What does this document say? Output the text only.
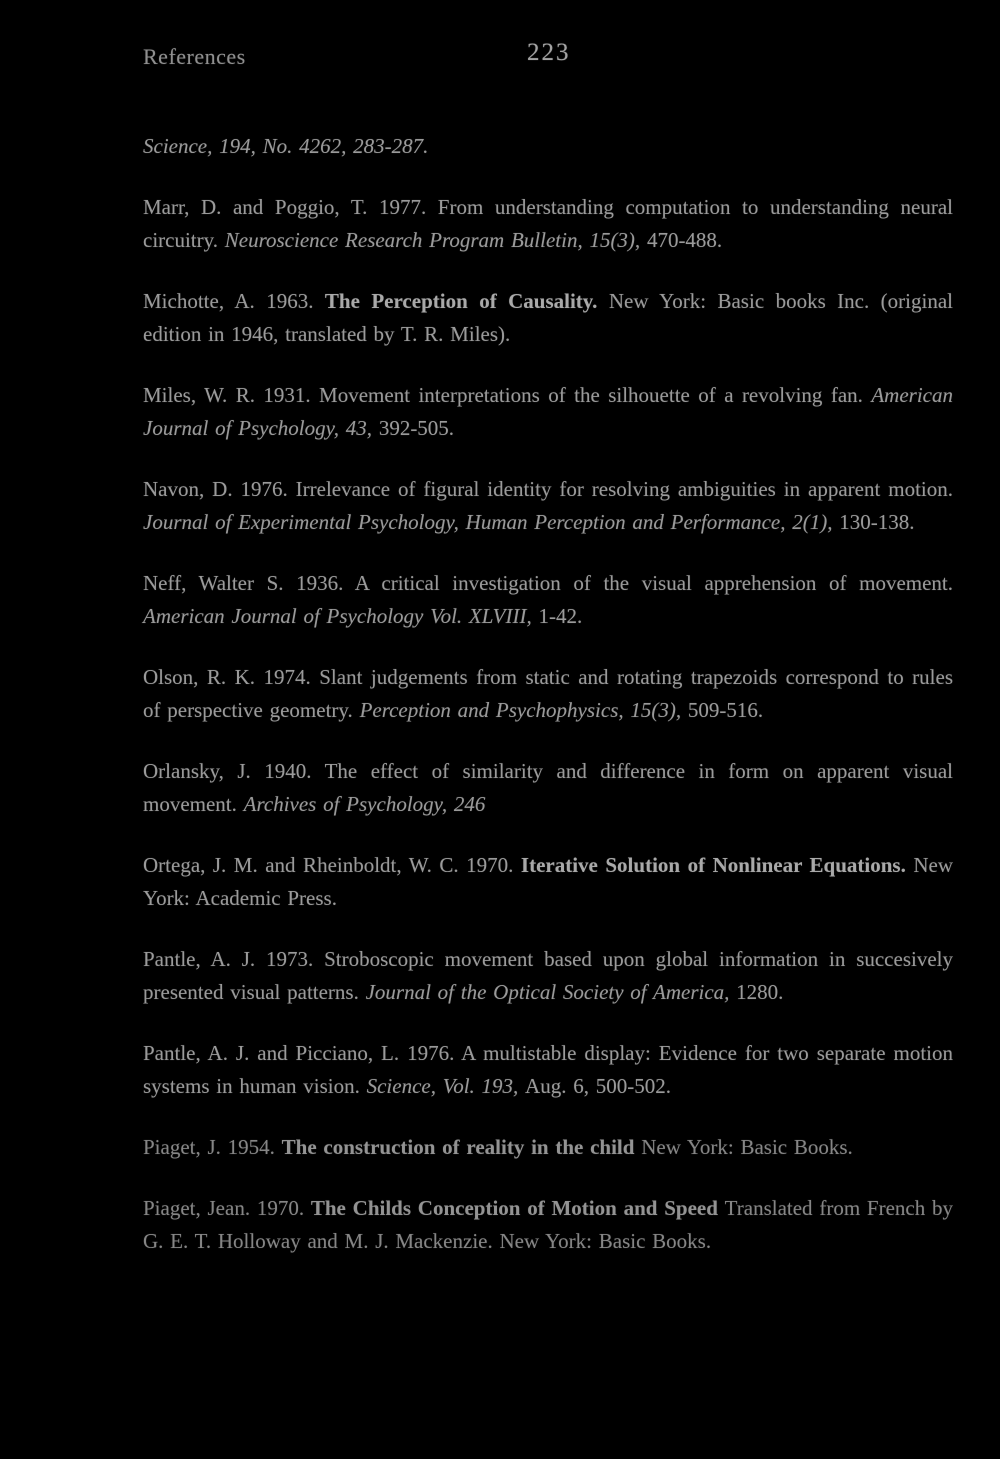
References	223

Science, 194, No. 4262, 283-287.

Marr, D. and Poggio, T. 1977. From understanding computation to understanding neural circuitry. Neuroscience Research Program Bulletin, 15(3), 470-488.

Michotte, A. 1963. The Perception of Causality. New York: Basic books Inc. (original edition in 1946, translated by T. R. Miles).

Miles, W. R. 1931. Movement interpretations of the silhouette of a revolving fan. American Journal of Psychology, 43, 392-505.

Navon, D. 1976. Irrelevance of figural identity for resolving ambiguities in apparent motion. Journal of Experimental Psychology, Human Perception and Performance, 2(1), 130-138.

Neff, Walter S. 1936. A critical investigation of the visual apprehension of movement. American Journal of Psychology Vol. XLVIII, 1-42.

Olson, R. K. 1974. Slant judgements from static and rotating trapezoids correspond to rules of perspective geometry. Perception and Psychophysics, 15(3), 509-516.

Orlansky, J. 1940. The effect of similarity and difference in form on apparent visual movement. Archives of Psychology, 246

Ortega, J. M. and Rheinboldt, W. C. 1970. Iterative Solution of Nonlinear Equations. New York: Academic Press.

Pantle, A. J. 1973. Stroboscopic movement based upon global information in succesively presented visual patterns. Journal of the Optical Society of America, 1280.

Pantle, A. J. and Picciano, L. 1976. A multistable display: Evidence for two separate motion systems in human vision. Science, Vol. 193, Aug. 6, 500-502.

Piaget, J. 1954. The construction of reality in the child New York: Basic Books.

Piaget, Jean. 1970. The Childs Conception of Motion and Speed Translated from French by G. E. T. Holloway and M. J. Mackenzie. New York: Basic Books.
